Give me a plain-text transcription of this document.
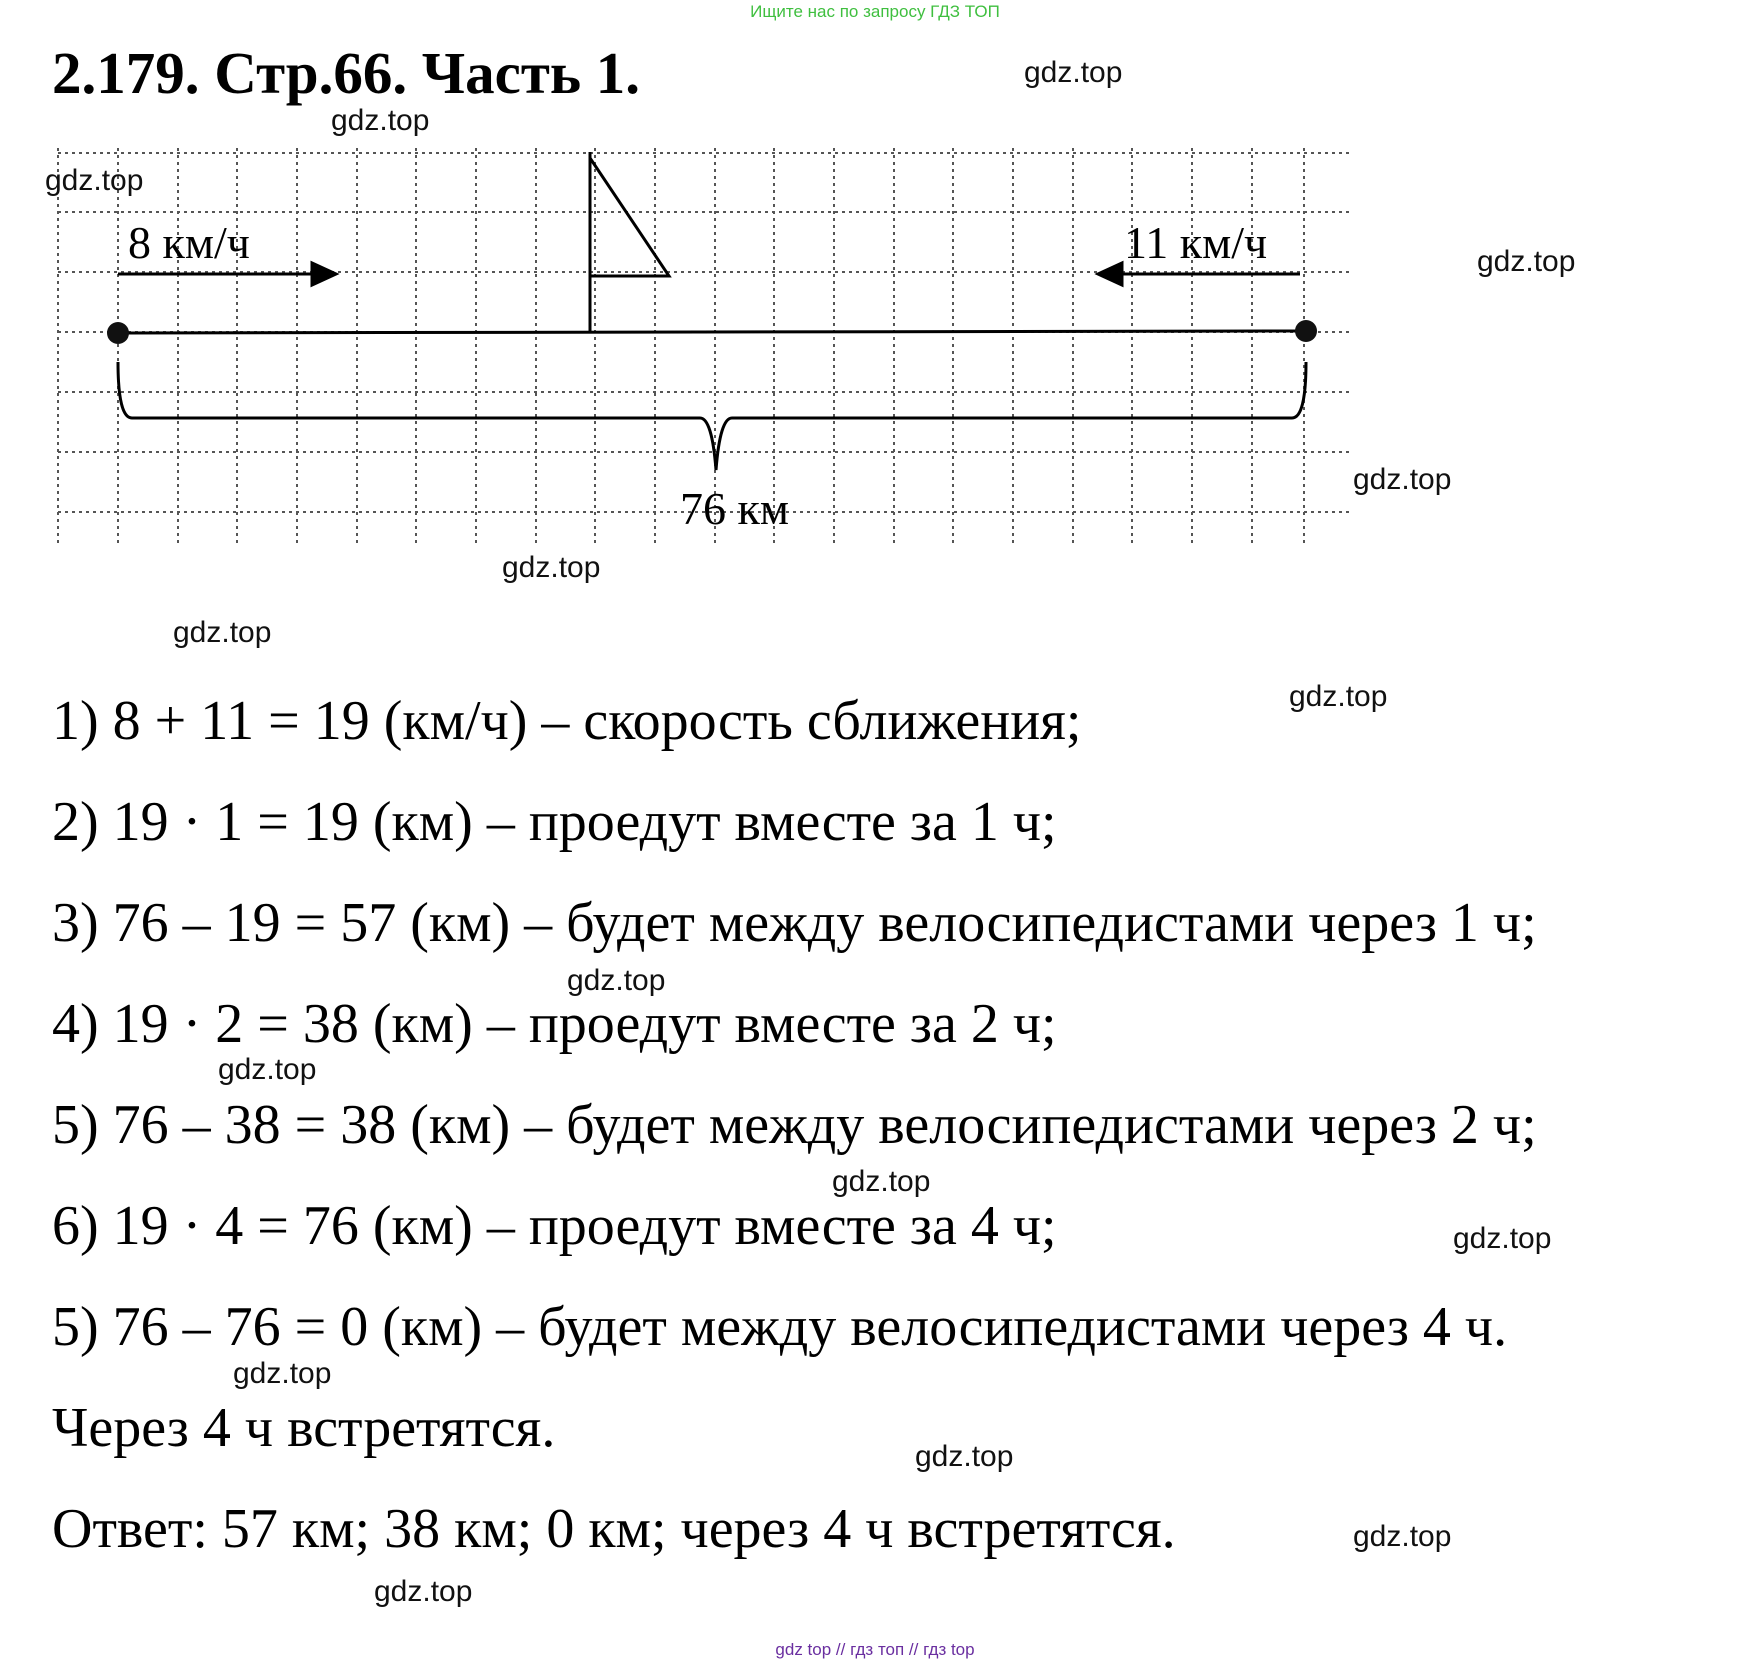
Ищите нас по запросу ГДЗ ТОП
2.179. Стр.66. Часть 1.
8 км/ч	11 км/ч
76 км
1) 8 + 11 = 19 (км/ч) – скорость сближения;
2) 19 · 1 = 19 (км) – проедут вместе за 1 ч;
3) 76 – 19 = 57 (км) – будет между велосипедистами через 1 ч;
4) 19 · 2 = 38 (км) – проедут вместе за 2 ч;
5) 76 – 38 = 38 (км) – будет между велосипедистами через 2 ч;
6) 19 · 4 = 76 (км) – проедут вместе за 4 ч;
5) 76 – 76 = 0 (км) – будет между велосипедистами через 4 ч.
Через 4 ч встретятся.
Ответ: 57 км; 38 км; 0 км; через 4 ч встретятся.
gdz.top
gdz.top
gdz.top
gdz.top
gdz.top
gdz.top
gdz.top
gdz.top
gdz.top
gdz.top
gdz.top
gdz.top
gdz.top
gdz.top
gdz.top
gdz.top
gdz top // гдз топ // гдз top
